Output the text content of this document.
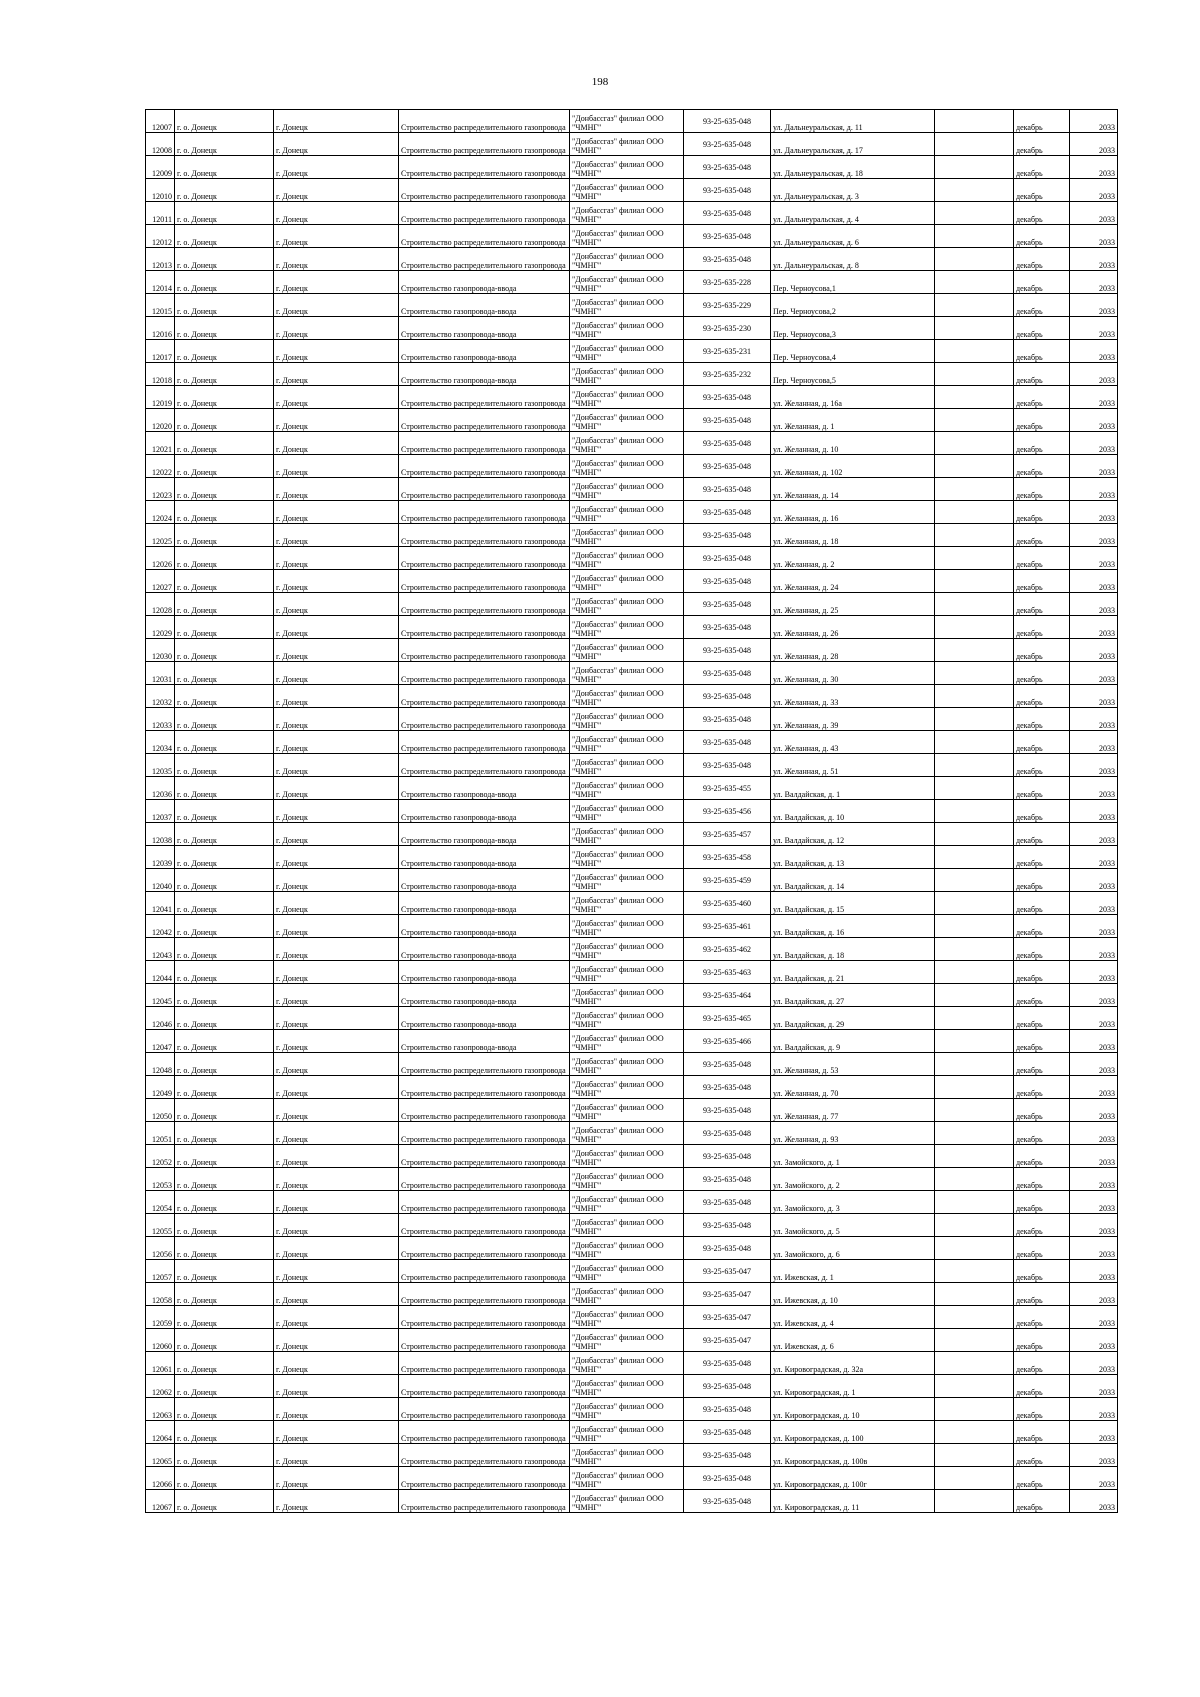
198
12007	г. о. Донецк	г. Донецк	Строительство распределительного газопровода	"Донбассгаз" филиал ООО "ЧМНГ"	93-25-635-048	ул. Дальнеуральская, д. 11		декабрь	2033
12008	г. о. Донецк	г. Донецк	Строительство распределительного газопровода	"Донбассгаз" филиал ООО "ЧМНГ"	93-25-635-048	ул. Дальнеуральская, д. 17		декабрь	2033
12009	г. о. Донецк	г. Донецк	Строительство распределительного газопровода	"Донбассгаз" филиал ООО "ЧМНГ"	93-25-635-048	ул. Дальнеуральская, д. 18		декабрь	2033
12010	г. о. Донецк	г. Донецк	Строительство распределительного газопровода	"Донбассгаз" филиал ООО "ЧМНГ"	93-25-635-048	ул. Дальнеуральская, д. 3		декабрь	2033
12011	г. о. Донецк	г. Донецк	Строительство распределительного газопровода	"Донбассгаз" филиал ООО "ЧМНГ"	93-25-635-048	ул. Дальнеуральская, д. 4		декабрь	2033
12012	г. о. Донецк	г. Донецк	Строительство распределительного газопровода	"Донбассгаз" филиал ООО "ЧМНГ"	93-25-635-048	ул. Дальнеуральская, д. 6		декабрь	2033
12013	г. о. Донецк	г. Донецк	Строительство распределительного газопровода	"Донбассгаз" филиал ООО "ЧМНГ"	93-25-635-048	ул. Дальнеуральская, д. 8		декабрь	2033
12014	г. о. Донецк	г. Донецк	Строительство газопровода-ввода	"Донбассгаз" филиал ООО "ЧМНГ"	93-25-635-228	Пер. Черноусова,1		декабрь	2033
12015	г. о. Донецк	г. Донецк	Строительство газопровода-ввода	"Донбассгаз" филиал ООО "ЧМНГ"	93-25-635-229	Пер. Черноусова,2		декабрь	2033
12016	г. о. Донецк	г. Донецк	Строительство газопровода-ввода	"Донбассгаз" филиал ООО "ЧМНГ"	93-25-635-230	Пер. Черноусова,3		декабрь	2033
12017	г. о. Донецк	г. Донецк	Строительство газопровода-ввода	"Донбассгаз" филиал ООО "ЧМНГ"	93-25-635-231	Пер. Черноусова,4		декабрь	2033
12018	г. о. Донецк	г. Донецк	Строительство газопровода-ввода	"Донбассгаз" филиал ООО "ЧМНГ"	93-25-635-232	Пер. Черноусова,5		декабрь	2033
12019	г. о. Донецк	г. Донецк	Строительство распределительного газопровода	"Донбассгаз" филиал ООО "ЧМНГ"	93-25-635-048	ул. Желанная, д. 16а		декабрь	2033
12020	г. о. Донецк	г. Донецк	Строительство распределительного газопровода	"Донбассгаз" филиал ООО "ЧМНГ"	93-25-635-048	ул. Желанная, д. 1		декабрь	2033
12021	г. о. Донецк	г. Донецк	Строительство распределительного газопровода	"Донбассгаз" филиал ООО "ЧМНГ"	93-25-635-048	ул. Желанная, д. 10		декабрь	2033
12022	г. о. Донецк	г. Донецк	Строительство распределительного газопровода	"Донбассгаз" филиал ООО "ЧМНГ"	93-25-635-048	ул. Желанная, д. 102		декабрь	2033
12023	г. о. Донецк	г. Донецк	Строительство распределительного газопровода	"Донбассгаз" филиал ООО "ЧМНГ"	93-25-635-048	ул. Желанная, д. 14		декабрь	2033
12024	г. о. Донецк	г. Донецк	Строительство распределительного газопровода	"Донбассгаз" филиал ООО "ЧМНГ"	93-25-635-048	ул. Желанная, д. 16		декабрь	2033
12025	г. о. Донецк	г. Донецк	Строительство распределительного газопровода	"Донбассгаз" филиал ООО "ЧМНГ"	93-25-635-048	ул. Желанная, д. 18		декабрь	2033
12026	г. о. Донецк	г. Донецк	Строительство распределительного газопровода	"Донбассгаз" филиал ООО "ЧМНГ"	93-25-635-048	ул. Желанная, д. 2		декабрь	2033
12027	г. о. Донецк	г. Донецк	Строительство распределительного газопровода	"Донбассгаз" филиал ООО "ЧМНГ"	93-25-635-048	ул. Желанная, д. 24		декабрь	2033
12028	г. о. Донецк	г. Донецк	Строительство распределительного газопровода	"Донбассгаз" филиал ООО "ЧМНГ"	93-25-635-048	ул. Желанная, д. 25		декабрь	2033
12029	г. о. Донецк	г. Донецк	Строительство распределительного газопровода	"Донбассгаз" филиал ООО "ЧМНГ"	93-25-635-048	ул. Желанная, д. 26		декабрь	2033
12030	г. о. Донецк	г. Донецк	Строительство распределительного газопровода	"Донбассгаз" филиал ООО "ЧМНГ"	93-25-635-048	ул. Желанная, д. 28		декабрь	2033
12031	г. о. Донецк	г. Донецк	Строительство распределительного газопровода	"Донбассгаз" филиал ООО "ЧМНГ"	93-25-635-048	ул. Желанная, д. 30		декабрь	2033
12032	г. о. Донецк	г. Донецк	Строительство распределительного газопровода	"Донбассгаз" филиал ООО "ЧМНГ"	93-25-635-048	ул. Желанная, д. 33		декабрь	2033
12033	г. о. Донецк	г. Донецк	Строительство распределительного газопровода	"Донбассгаз" филиал ООО "ЧМНГ"	93-25-635-048	ул. Желанная, д. 39		декабрь	2033
12034	г. о. Донецк	г. Донецк	Строительство распределительного газопровода	"Донбассгаз" филиал ООО "ЧМНГ"	93-25-635-048	ул. Желанная, д. 43		декабрь	2033
12035	г. о. Донецк	г. Донецк	Строительство распределительного газопровода	"Донбассгаз" филиал ООО "ЧМНГ"	93-25-635-048	ул. Желанная, д. 51		декабрь	2033
12036	г. о. Донецк	г. Донецк	Строительство газопровода-ввода	"Донбассгаз" филиал ООО "ЧМНГ"	93-25-635-455	ул. Валдайская, д. 1		декабрь	2033
12037	г. о. Донецк	г. Донецк	Строительство газопровода-ввода	"Донбассгаз" филиал ООО "ЧМНГ"	93-25-635-456	ул. Валдайская, д. 10		декабрь	2033
12038	г. о. Донецк	г. Донецк	Строительство газопровода-ввода	"Донбассгаз" филиал ООО "ЧМНГ"	93-25-635-457	ул. Валдайская, д. 12		декабрь	2033
12039	г. о. Донецк	г. Донецк	Строительство газопровода-ввода	"Донбассгаз" филиал ООО "ЧМНГ"	93-25-635-458	ул. Валдайская, д. 13		декабрь	2033
12040	г. о. Донецк	г. Донецк	Строительство газопровода-ввода	"Донбассгаз" филиал ООО "ЧМНГ"	93-25-635-459	ул. Валдайская, д. 14		декабрь	2033
12041	г. о. Донецк	г. Донецк	Строительство газопровода-ввода	"Донбассгаз" филиал ООО "ЧМНГ"	93-25-635-460	ул. Валдайская, д. 15		декабрь	2033
12042	г. о. Донецк	г. Донецк	Строительство газопровода-ввода	"Донбассгаз" филиал ООО "ЧМНГ"	93-25-635-461	ул. Валдайская, д. 16		декабрь	2033
12043	г. о. Донецк	г. Донецк	Строительство газопровода-ввода	"Донбассгаз" филиал ООО "ЧМНГ"	93-25-635-462	ул. Валдайская, д. 18		декабрь	2033
12044	г. о. Донецк	г. Донецк	Строительство газопровода-ввода	"Донбассгаз" филиал ООО "ЧМНГ"	93-25-635-463	ул. Валдайская, д. 21		декабрь	2033
12045	г. о. Донецк	г. Донецк	Строительство газопровода-ввода	"Донбассгаз" филиал ООО "ЧМНГ"	93-25-635-464	ул. Валдайская, д. 27		декабрь	2033
12046	г. о. Донецк	г. Донецк	Строительство газопровода-ввода	"Донбассгаз" филиал ООО "ЧМНГ"	93-25-635-465	ул. Валдайская, д. 29		декабрь	2033
12047	г. о. Донецк	г. Донецк	Строительство газопровода-ввода	"Донбассгаз" филиал ООО "ЧМНГ"	93-25-635-466	ул. Валдайская, д. 9		декабрь	2033
12048	г. о. Донецк	г. Донецк	Строительство распределительного газопровода	"Донбассгаз" филиал ООО "ЧМНГ"	93-25-635-048	ул. Желанная, д. 53		декабрь	2033
12049	г. о. Донецк	г. Донецк	Строительство распределительного газопровода	"Донбассгаз" филиал ООО "ЧМНГ"	93-25-635-048	ул. Желанная, д. 70		декабрь	2033
12050	г. о. Донецк	г. Донецк	Строительство распределительного газопровода	"Донбассгаз" филиал ООО "ЧМНГ"	93-25-635-048	ул. Желанная, д. 77		декабрь	2033
12051	г. о. Донецк	г. Донецк	Строительство распределительного газопровода	"Донбассгаз" филиал ООО "ЧМНГ"	93-25-635-048	ул. Желанная, д. 93		декабрь	2033
12052	г. о. Донецк	г. Донецк	Строительство распределительного газопровода	"Донбассгаз" филиал ООО "ЧМНГ"	93-25-635-048	ул. Замойского, д. 1		декабрь	2033
12053	г. о. Донецк	г. Донецк	Строительство распределительного газопровода	"Донбассгаз" филиал ООО "ЧМНГ"	93-25-635-048	ул. Замойского, д. 2		декабрь	2033
12054	г. о. Донецк	г. Донецк	Строительство распределительного газопровода	"Донбассгаз" филиал ООО "ЧМНГ"	93-25-635-048	ул. Замойского, д. 3		декабрь	2033
12055	г. о. Донецк	г. Донецк	Строительство распределительного газопровода	"Донбассгаз" филиал ООО "ЧМНГ"	93-25-635-048	ул. Замойского, д. 5		декабрь	2033
12056	г. о. Донецк	г. Донецк	Строительство распределительного газопровода	"Донбассгаз" филиал ООО "ЧМНГ"	93-25-635-048	ул. Замойского, д. 6		декабрь	2033
12057	г. о. Донецк	г. Донецк	Строительство распределительного газопровода	"Донбассгаз" филиал ООО "ЧМНГ"	93-25-635-047	ул. Ижевская, д. 1		декабрь	2033
12058	г. о. Донецк	г. Донецк	Строительство распределительного газопровода	"Донбассгаз" филиал ООО "ЧМНГ"	93-25-635-047	ул. Ижевская, д. 10		декабрь	2033
12059	г. о. Донецк	г. Донецк	Строительство распределительного газопровода	"Донбассгаз" филиал ООО "ЧМНГ"	93-25-635-047	ул. Ижевская, д. 4		декабрь	2033
12060	г. о. Донецк	г. Донецк	Строительство распределительного газопровода	"Донбассгаз" филиал ООО "ЧМНГ"	93-25-635-047	ул. Ижевская, д. 6		декабрь	2033
12061	г. о. Донецк	г. Донецк	Строительство распределительного газопровода	"Донбассгаз" филиал ООО "ЧМНГ"	93-25-635-048	ул. Кировоградская, д. 32а		декабрь	2033
12062	г. о. Донецк	г. Донецк	Строительство распределительного газопровода	"Донбассгаз" филиал ООО "ЧМНГ"	93-25-635-048	ул. Кировоградская, д. 1		декабрь	2033
12063	г. о. Донецк	г. Донецк	Строительство распределительного газопровода	"Донбассгаз" филиал ООО "ЧМНГ"	93-25-635-048	ул. Кировоградская, д. 10		декабрь	2033
12064	г. о. Донецк	г. Донецк	Строительство распределительного газопровода	"Донбассгаз" филиал ООО "ЧМНГ"	93-25-635-048	ул. Кировоградская, д. 100		декабрь	2033
12065	г. о. Донецк	г. Донецк	Строительство распределительного газопровода	"Донбассгаз" филиал ООО "ЧМНГ"	93-25-635-048	ул. Кировоградская, д. 100в		декабрь	2033
12066	г. о. Донецк	г. Донецк	Строительство распределительного газопровода	"Донбассгаз" филиал ООО "ЧМНГ"	93-25-635-048	ул. Кировоградская, д. 100г		декабрь	2033
12067	г. о. Донецк	г. Донецк	Строительство распределительного газопровода	"Донбассгаз" филиал ООО "ЧМНГ"	93-25-635-048	ул. Кировоградская, д. 11		декабрь	2033
